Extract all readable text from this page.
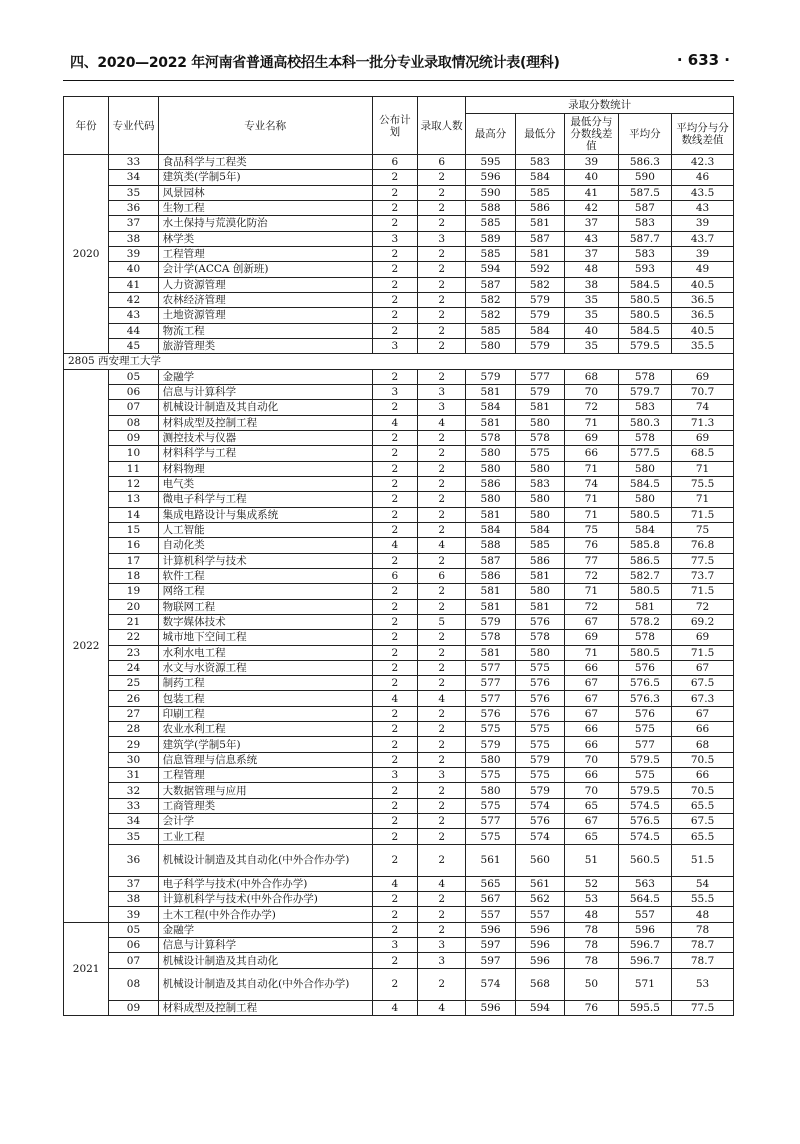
四、2020—2022 年河南省普通高校招生本科一批分专业录取情况统计表(理科)	· 633 ·
年份	专业代码	专业名称	公布计划	录取人数	录取分数统计				
					最高分	最低分	最低分与分数线差值	平均分	平均分与分数线差值
2020	33	食品科学与工程类	6	6	595	583	39	586.3	42.3
	34	建筑类(学制5年)	2	2	596	584	40	590	46
	35	风景园林	2	2	590	585	41	587.5	43.5
	36	生物工程	2	2	588	586	42	587	43
	37	水土保持与荒漠化防治	2	2	585	581	37	583	39
	38	林学类	3	3	589	587	43	587.7	43.7
	39	工程管理	2	2	585	581	37	583	39
	40	会计学(ACCA 创新班)	2	2	594	592	48	593	49
	41	人力资源管理	2	2	587	582	38	584.5	40.5
	42	农林经济管理	2	2	582	579	35	580.5	36.5
	43	土地资源管理	2	2	582	579	35	580.5	36.5
	44	物流工程	2	2	585	584	40	584.5	40.5
	45	旅游管理类	3	2	580	579	35	579.5	35.5
2805 西安理工大学									
2022	05	金融学	2	2	579	577	68	578	69
	06	信息与计算科学	3	3	581	579	70	579.7	70.7
	07	机械设计制造及其自动化	2	3	584	581	72	583	74
	08	材料成型及控制工程	4	4	581	580	71	580.3	71.3
	09	测控技术与仪器	2	2	578	578	69	578	69
	10	材料科学与工程	2	2	580	575	66	577.5	68.5
	11	材料物理	2	2	580	580	71	580	71
	12	电气类	2	2	586	583	74	584.5	75.5
	13	微电子科学与工程	2	2	580	580	71	580	71
	14	集成电路设计与集成系统	2	2	581	580	71	580.5	71.5
	15	人工智能	2	2	584	584	75	584	75
	16	自动化类	4	4	588	585	76	585.8	76.8
	17	计算机科学与技术	2	2	587	586	77	586.5	77.5
	18	软件工程	6	6	586	581	72	582.7	73.7
	19	网络工程	2	2	581	580	71	580.5	71.5
	20	物联网工程	2	2	581	581	72	581	72
	21	数字媒体技术	2	5	579	576	67	578.2	69.2
	22	城市地下空间工程	2	2	578	578	69	578	69
	23	水利水电工程	2	2	581	580	71	580.5	71.5
	24	水文与水资源工程	2	2	577	575	66	576	67
	25	制药工程	2	2	577	576	67	576.5	67.5
	26	包装工程	4	4	577	576	67	576.3	67.3
	27	印刷工程	2	2	576	576	67	576	67
	28	农业水利工程	2	2	575	575	66	575	66
	29	建筑学(学制5年)	2	2	579	575	66	577	68
	30	信息管理与信息系统	2	2	580	579	70	579.5	70.5
	31	工程管理	3	3	575	575	66	575	66
	32	大数据管理与应用	2	2	580	579	70	579.5	70.5
	33	工商管理类	2	2	575	574	65	574.5	65.5
	34	会计学	2	2	577	576	67	576.5	67.5
	35	工业工程	2	2	575	574	65	574.5	65.5
	36	机械设计制造及其自动化(中外合作办学)	2	2	561	560	51	560.5	51.5
	37	电子科学与技术(中外合作办学)	4	4	565	561	52	563	54
	38	计算机科学与技术(中外合作办学)	2	2	567	562	53	564.5	55.5
	39	土木工程(中外合作办学)	2	2	557	557	48	557	48
2021	05	金融学	2	2	596	596	78	596	78
	06	信息与计算科学	3	3	597	596	78	596.7	78.7
	07	机械设计制造及其自动化	2	3	597	596	78	596.7	78.7
	08	机械设计制造及其自动化(中外合作办学)	2	2	574	568	50	571	53
	09	材料成型及控制工程	4	4	596	594	76	595.5	77.5
